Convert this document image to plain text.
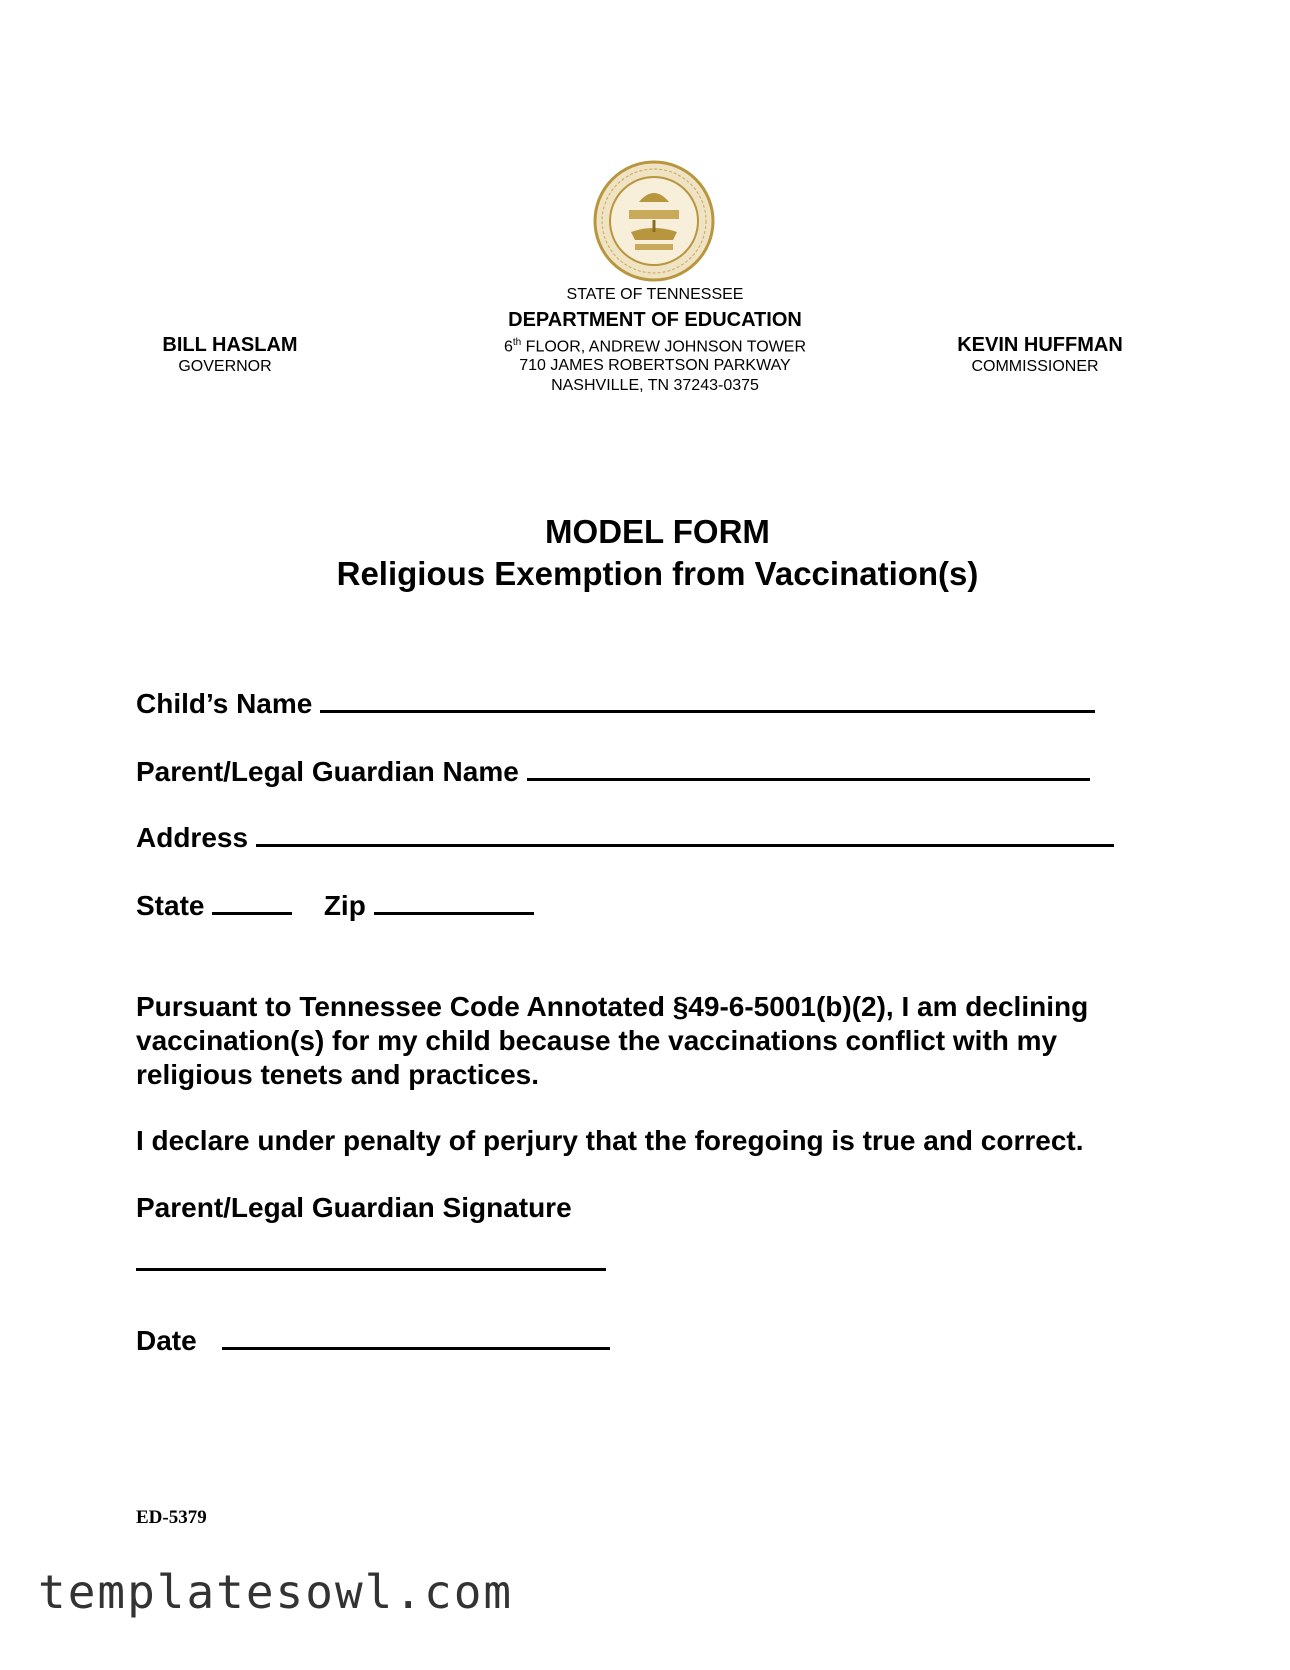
STATE OF TENNESSEE
DEPARTMENT OF EDUCATION
6th FLOOR, ANDREW JOHNSON TOWER
710 JAMES ROBERTSON PARKWAY
NASHVILLE, TN 37243-0375
BILL HASLAM
GOVERNOR
KEVIN HUFFMAN
COMMISSIONER
MODEL FORM
Religious Exemption from Vaccination(s)
Child’s Name
Parent/Legal Guardian Name
Address
State	Zip
Pursuant to Tennessee Code Annotated §49-6-5001(b)(2), I am declining vaccination(s) for my child because the vaccinations conflict with my religious tenets and practices.
I declare under penalty of perjury that the foregoing is true and correct.
Parent/Legal Guardian Signature
Date
ED-5379
templatesowl.com
